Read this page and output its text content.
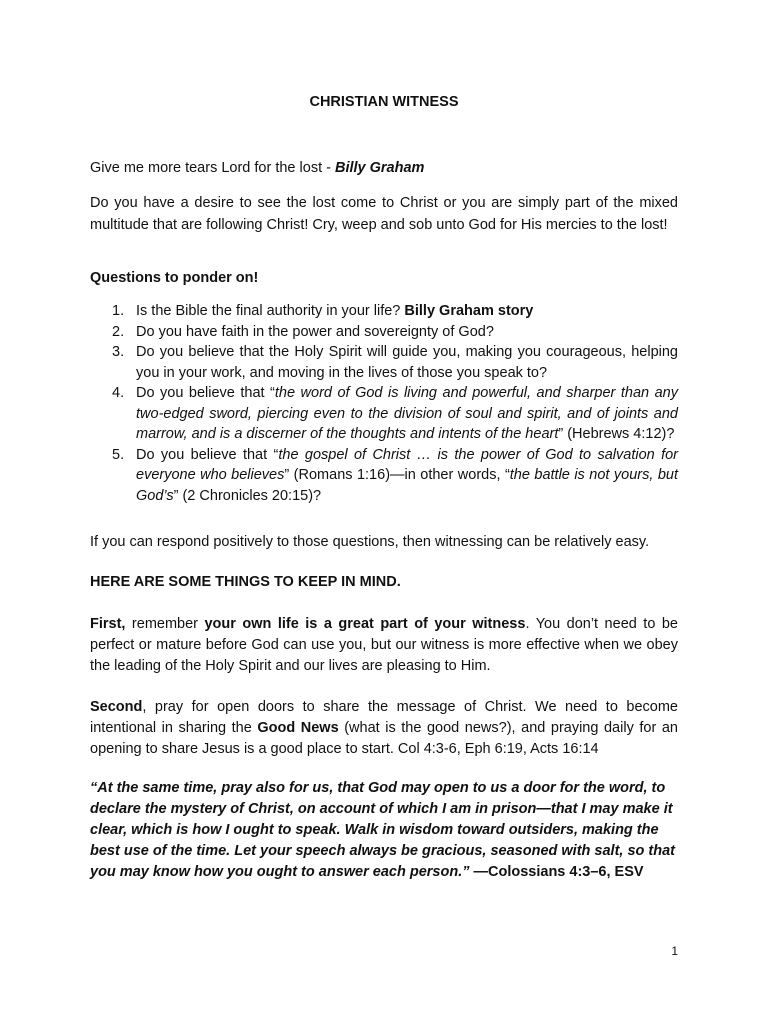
CHRISTIAN WITNESS

Give me more tears Lord for the lost - Billy Graham

Do you have a desire to see the lost come to Christ or you are simply part of the mixed multitude that are following Christ! Cry, weep and sob unto God for His mercies to the lost!

Questions to ponder on!

1. Is the Bible the final authority in your life? Billy Graham story
2. Do you have faith in the power and sovereignty of God?
3. Do you believe that the Holy Spirit will guide you, making you courageous, helping you in your work, and moving in the lives of those you speak to?
4. Do you believe that “the word of God is living and powerful, and sharper than any two-edged sword, piercing even to the division of soul and spirit, and of joints and marrow, and is a discerner of the thoughts and intents of the heart” (Hebrews 4:12)?
5. Do you believe that “the gospel of Christ … is the power of God to salvation for everyone who believes” (Romans 1:16)—in other words, “the battle is not yours, but God’s” (2 Chronicles 20:15)?

If you can respond positively to those questions, then witnessing can be relatively easy.

HERE ARE SOME THINGS TO KEEP IN MIND.

First, remember your own life is a great part of your witness. You don’t need to be perfect or mature before God can use you, but our witness is more effective when we obey the leading of the Holy Spirit and our lives are pleasing to Him.

Second, pray for open doors to share the message of Christ. We need to become intentional in sharing the Good News (what is the good news?), and praying daily for an opening to share Jesus is a good place to start. Col 4:3-6, Eph 6:19, Acts 16:14

“At the same time, pray also for us, that God may open to us a door for the word, to declare the mystery of Christ, on account of which I am in prison—that I may make it clear, which is how I ought to speak. Walk in wisdom toward outsiders, making the best use of the time. Let your speech always be gracious, seasoned with salt, so that you may know how you ought to answer each person.” —Colossians 4:3–6, ESV

1
